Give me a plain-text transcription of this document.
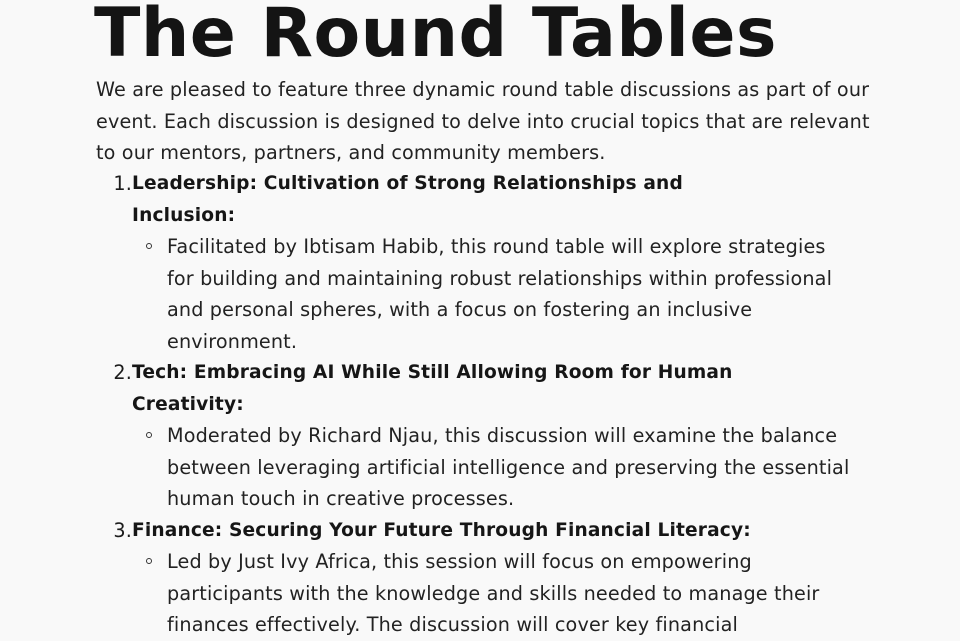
The Round Tables

We are pleased to feature three dynamic round table discussions as part of our event. Each discussion is designed to delve into crucial topics that are relevant to our mentors, partners, and community members.

1. Leadership: Cultivation of Strong Relationships and Inclusion:
Facilitated by Ibtisam Habib, this round table will explore strategies for building and maintaining robust relationships within professional and personal spheres, with a focus on fostering an inclusive environment.
2. Tech: Embracing AI While Still Allowing Room for Human Creativity:
Moderated by Richard Njau, this discussion will examine the balance between leveraging artificial intelligence and preserving the essential human touch in creative processes.
3. Finance: Securing Your Future Through Financial Literacy:
Led by Just Ivy Africa, this session will focus on empowering participants with the knowledge and skills needed to manage their finances effectively. The discussion will cover key financial
